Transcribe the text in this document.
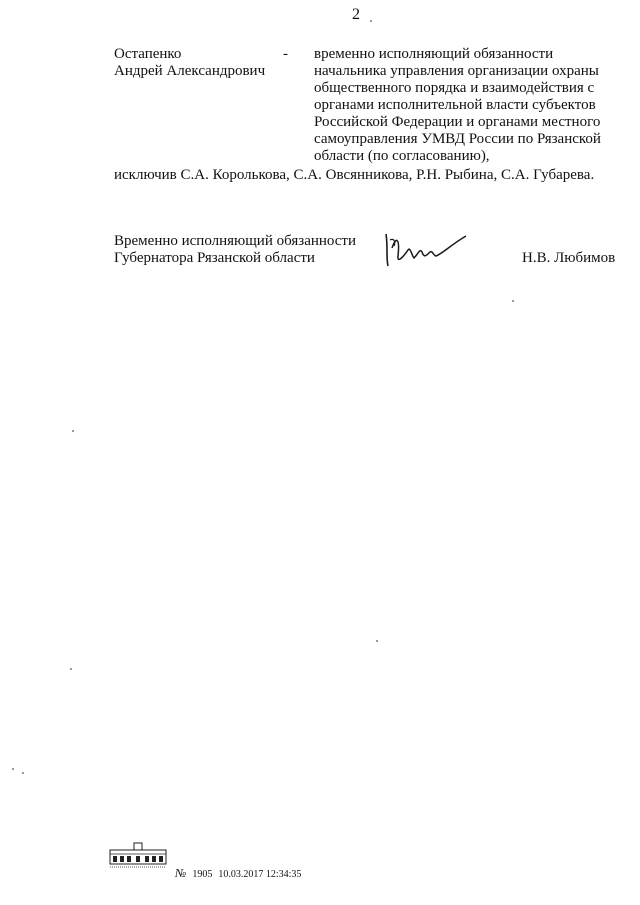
2
Остапенко
Андрей Александрович
- временно исполняющий обязанности
начальника управления организации охраны
общественного порядка и взаимодействия с
органами исполнительной власти субъектов
Российской Федерации и органами местного
самоуправления УМВД России по Рязанской
области (по согласованию),
исключив С.А. Королькова, С.А. Овсянникова, Р.Н. Рыбина, С.А. Губарева.
Временно исполняющий обязанности
Губернатора Рязанской области	Н.В. Любимов
№ 1905 10.03.2017 12:34:35
